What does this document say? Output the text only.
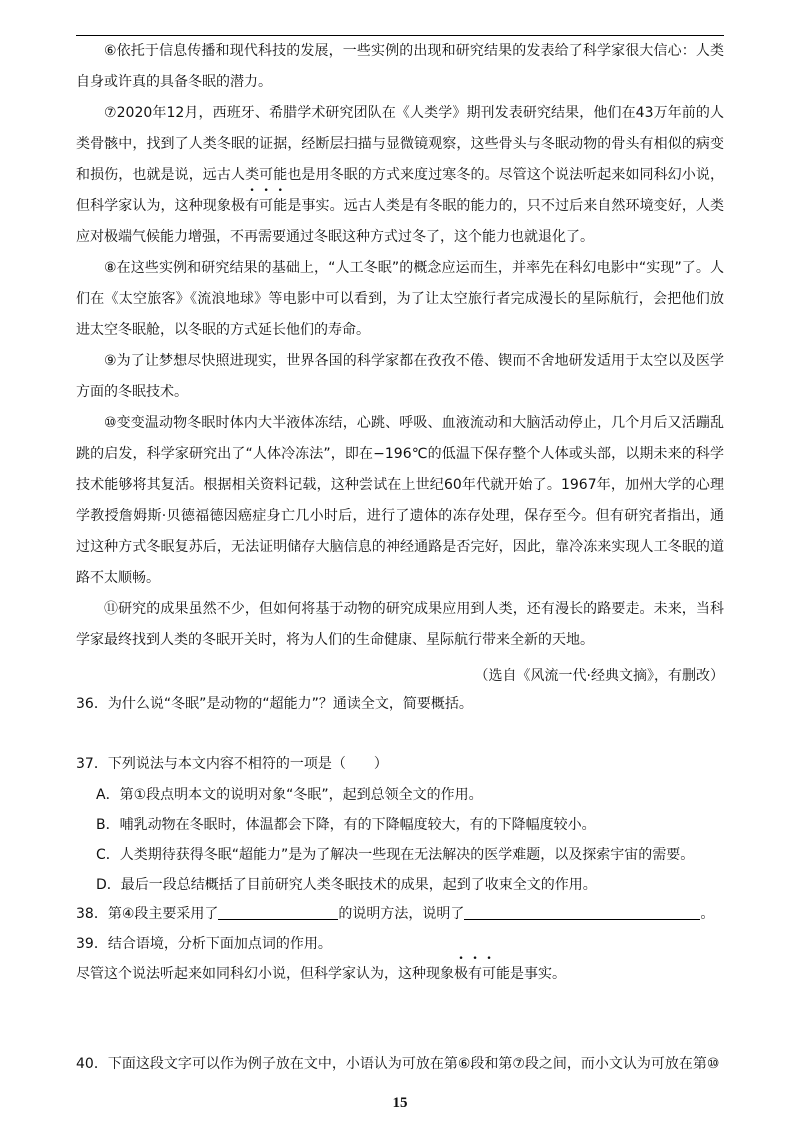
⑥依托于信息传播和现代科技的发展，一些实例的出现和研究结果的发表给了科学家很大信心：人类自身或许真的具备冬眠的潜力。

⑦2020年12月，西班牙、希腊学术研究团队在《人类学》期刊发表研究结果，他们在43万年前的人类骨骸中，找到了人类冬眠的证据，经断层扫描与显微镜观察，这些骨头与冬眠动物的骨头有相似的病变和损伤，也就是说，远古人类可能也是用冬眠的方式来度过寒冬的。尽管这个说法听起来如同科幻小说，但科学家认为，这种现象极有可能是事实。远古人类是有冬眠的能力的，只不过后来自然环境变好，人类应对极端气候能力增强，不再需要通过冬眠这种方式过冬了，这个能力也就退化了。

⑧在这些实例和研究结果的基础上，“人工冬眠”的概念应运而生，并率先在科幻电影中“实现”了。人们在《太空旅客》《流浪地球》等电影中可以看到，为了让太空旅行者完成漫长的星际航行，会把他们放进太空冬眠舱，以冬眠的方式延长他们的寿命。

⑨为了让梦想尽快照进现实，世界各国的科学家都在孜孜不倦、锲而不舍地研发适用于太空以及医学方面的冬眠技术。

⑩变变温动物冬眠时体内大半液体冻结，心跳、呼吸、血液流动和大脑活动停止，几个月后又活蹦乱跳的启发，科学家研究出了“人体冷冻法”，即在−196℃的低温下保存整个人体或头部，以期未来的科学技术能够将其复活。根据相关资料记载，这种尝试在上世纪60年代就开始了。1967年，加州大学的心理学教授詹姆斯·贝德福德因癌症身亡几小时后，进行了遗体的冻存处理，保存至今。但有研究者指出，通过这种方式冬眠复苏后，无法证明储存大脑信息的神经通路是否完好，因此，靠冷冻来实现人工冬眠的道路不太顺畅。

⑪研究的成果虽然不少，但如何将基于动物的研究成果应用到人类，还有漫长的路要走。未来，当科学家最终找到人类的冬眠开关时，将为人们的生命健康、星际航行带来全新的天地。

（选自《风流一代·经典文摘》，有删改）
36．为什么说“冬眠”是动物的“超能力”？通读全文，简要概括。
37．下列说法与本文内容不相符的一项是（　　）
A．第①段点明本文的说明对象“冬眠”，起到总领全文的作用。
B．哺乳动物在冬眠时，体温都会下降，有的下降幅度较大，有的下降幅度较小。
C．人类期待获得冬眠“超能力”是为了解决一些现在无法解决的医学难题，以及探索宇宙的需要。
D．最后一段总结概括了目前研究人类冬眠技术的成果，起到了收束全文的作用。
38．第④段主要采用了	的说明方法，说明了	。
39．结合语境，分析下面加点词的作用。
尽管这个说法听起来如同科幻小说，但科学家认为，这种现象极有可能是事实。
40．下面这段文字可以作为例子放在文中，小语认为可放在第⑥段和第⑦段之间，而小文认为可放在第⑩
15
